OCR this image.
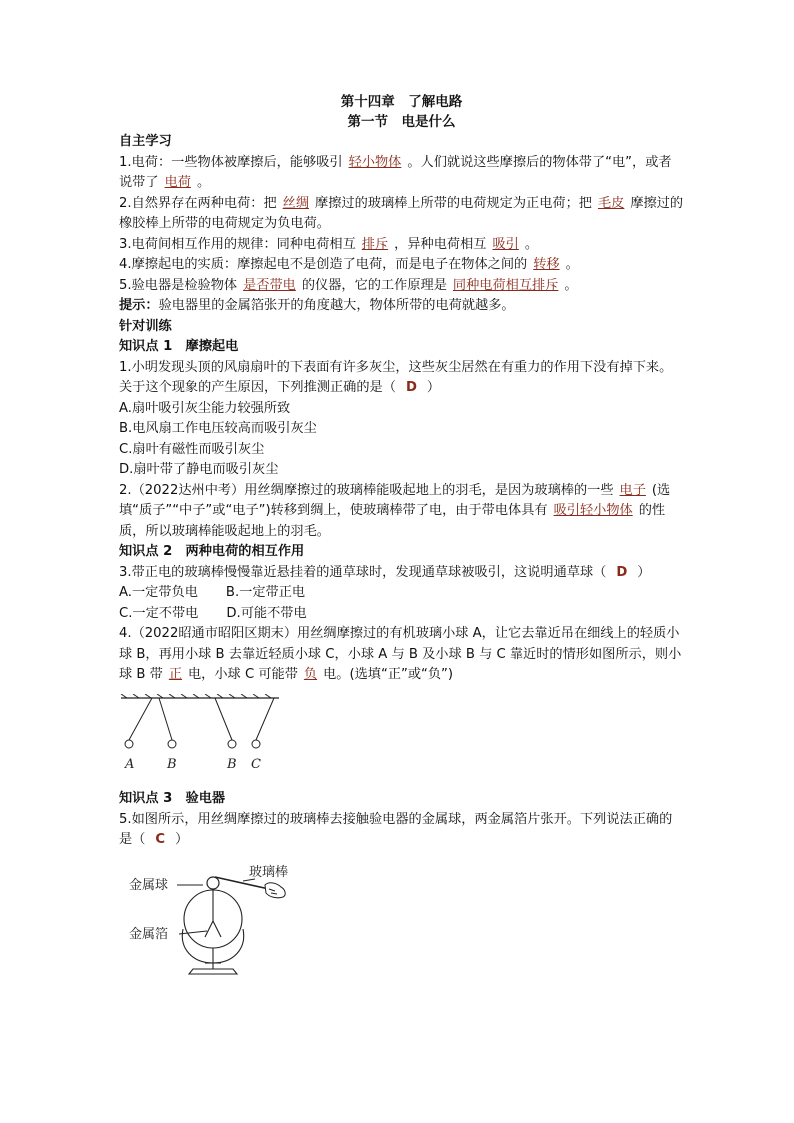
第十四章　了解电路
第一节　电是什么
自主学习

1.电荷：一些物体被摩擦后，能够吸引 轻小物体 。人们就说这些摩擦后的物体带了“电”，或者说带了 电荷 。

2.自然界存在两种电荷：把 丝绸 摩擦过的玻璃棒上所带的电荷规定为正电荷；把 毛皮 摩擦过的橡胶棒上所带的电荷规定为负电荷。

3.电荷间相互作用的规律：同种电荷相互 排斥 ，异种电荷相互 吸引 。

4.摩擦起电的实质：摩擦起电不是创造了电荷，而是电子在物体之间的 转移 。

5.验电器是检验物体 是否带电 的仪器，它的工作原理是 同种电荷相互排斥 。

提示：验电器里的金属箔张开的角度越大，物体所带的电荷就越多。

针对训练
知识点 1　摩擦起电

1.小明发现头顶的风扇扇叶的下表面有许多灰尘，这些灰尘居然在有重力的作用下没有掉下来。关于这个现象的产生原因，下列推测正确的是（ D ）

A.扇叶吸引灰尘能力较强所致

B.电风扇工作电压较高而吸引灰尘

C.扇叶有磁性而吸引灰尘

D.扇叶带了静电而吸引灰尘

2.（2022达州中考）用丝绸摩擦过的玻璃棒能吸起地上的羽毛，是因为玻璃棒的一些 电子 (选填“质子”“中子”或“电子”)转移到绸上，使玻璃棒带了电，由于带电体具有 吸引轻小物体 的性质，所以玻璃棒能吸起地上的羽毛。

知识点 2　两种电荷的相互作用

3.带正电的玻璃棒慢慢靠近悬挂着的通草球时，发现通草球被吸引，这说明通草球（ D ）

A.一定带负电 B.一定带正电

C.一定不带电 D.可能不带电

4.（2022昭通市昭阳区期末）用丝绸摩擦过的有机玻璃小球 A，让它去靠近吊在细线上的轻质小球 B，再用小球 B 去靠近轻质小球 C，小球 A 与 B 及小球 B 与 C 靠近时的情形如图所示，则小球 B 带 正 电，小球 C 可能带 负 电。(选填“正”或“负”)

A	B	B C
知识点 3　验电器

5.如图所示，用丝绸摩擦过的玻璃棒去接触验电器的金属球，两金属箔片张开。下列说法正确的是（ C ）

金属球
玻璃棒
金属箔
